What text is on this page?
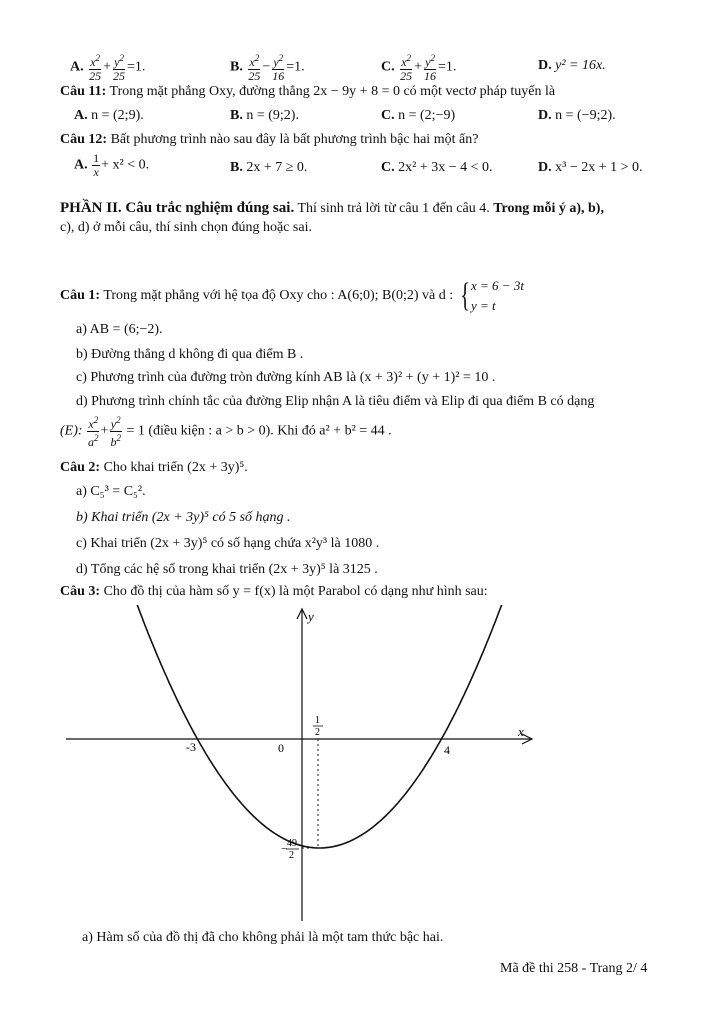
A. $\frac{x^2}{25} + \frac{y^2}{25} =1$.	B. $\frac{x^2}{25} - \frac{y^2}{16} =1$.	C. $\frac{x^2}{25} + \frac{y^2}{16} =1$.	D. y² = 16x.
Câu 11: Trong mặt phẳng Oxy, đường thẳng 2x − 9y + 8 = 0 có một vectơ pháp tuyến là
A. n = (2;9).	B. n = (9;2).	C. n = (2;−9)	D. n = (−9;2).
Câu 12: Bất phương trình nào sau đây là bất phương trình bậc hai một ẩn?
A. $\frac{1}{x} + x^2 < 0$.	B. 2x + 7 ≥ 0.	C. 2x² + 3x − 4 < 0.	D. x³ − 2x + 1 > 0.
PHẦN II. Câu trắc nghiệm đúng sai. Thí sinh trả lời từ câu 1 đến câu 4. Trong mỗi ý a), b),
c), d) ở mỗi câu, thí sinh chọn đúng hoặc sai.
Câu 1: Trong mặt phẳng với hệ tọa độ Oxy cho : A(6;0); B(0;2) và d : { x = 6 − 3t
y = t
a) AB = (6;−2).
b) Đường thẳng d không đi qua điểm B .
c) Phương trình của đường tròn đường kính AB là (x + 3)² + (y + 1)² = 10 .
d) Phương trình chính tắc của đường Elip nhận A là tiêu điểm và Elip đi qua điểm B có dạng
(E): $\frac{x^2}{a^2} + \frac{y^2}{b^2} = 1$ (điều kiện : a > b > 0). Khi đó a² + b² = 44 .
Câu 2: Cho khai triển (2x + 3y)⁵.
a) C₅³ = C₅².
b) Khai triển (2x + 3y)⁵ có 5 số hạng .
c) Khai triển (2x + 3y)⁵ có số hạng chứa x²y³ là 1080 .
d) Tổng các hệ số trong khai triển (2x + 3y)⁵ là 3125 .
Câu 3: Cho đồ thị của hàm số y = f(x) là một Parabol có dạng như hình sau:
y
x
0
-3	4
1
2
− 49
2
a) Hàm số của đồ thị đã cho không phải là một tam thức bậc hai.
Mã đề thi 258 - Trang 2/ 4
